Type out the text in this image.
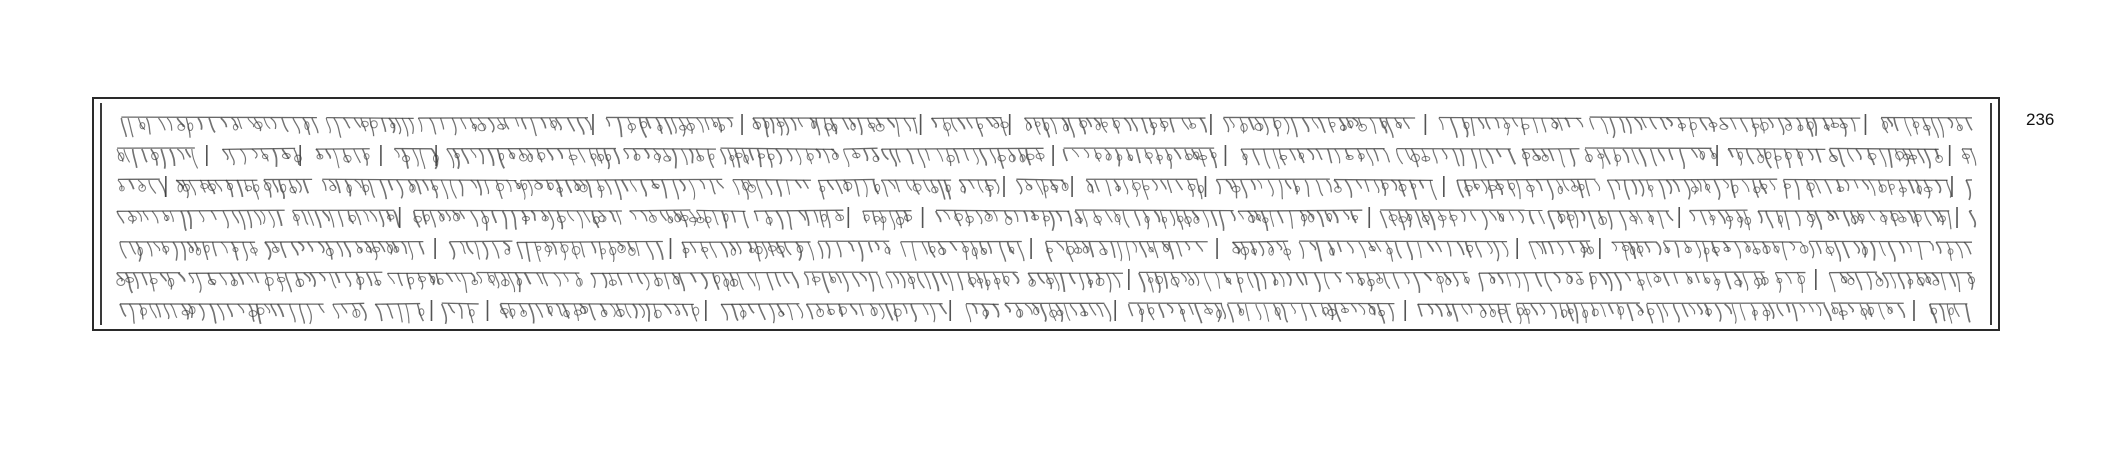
236
